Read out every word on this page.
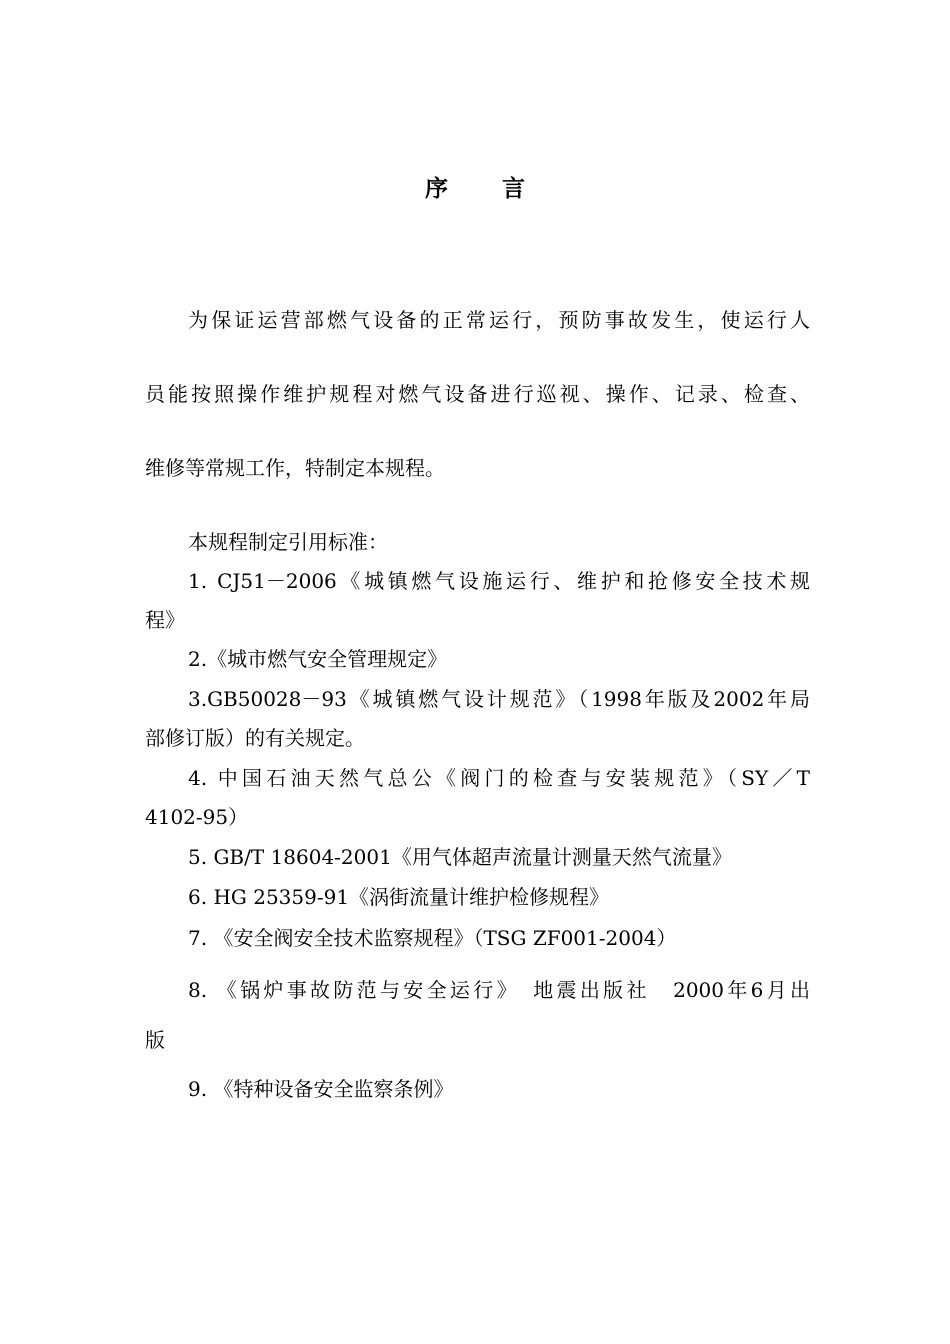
序言
为保证运营部燃气设备的正常运行，预防事故发生，使运行人
员能按照操作维护规程对燃气设备进行巡视、操作、记录、检查、
维修等常规工作，特制定本规程。
本规程制定引用标准：
1. CJ51－2006《城镇燃气设施运行、维护和抢修安全技术规
程》
2.《城市燃气安全管理规定》
3.GB50028－93《城镇燃气设计规范》（1998年版及2002年局
部修订版）的有关规定。
4. 中国石油天然气总公《阀门的检查与安装规范》（SY／T
4102-95）
5. GB/T 18604-2001《用气体超声流量计测量天然气流量》
6. HG 25359-91《涡街流量计维护检修规程》
7. 《安全阀安全技术监察规程》（TSG ZF001-2004）
8. 《锅炉事故防范与安全运行》　地震出版社　2000年6月出
版
9. 《特种设备安全监察条例》
